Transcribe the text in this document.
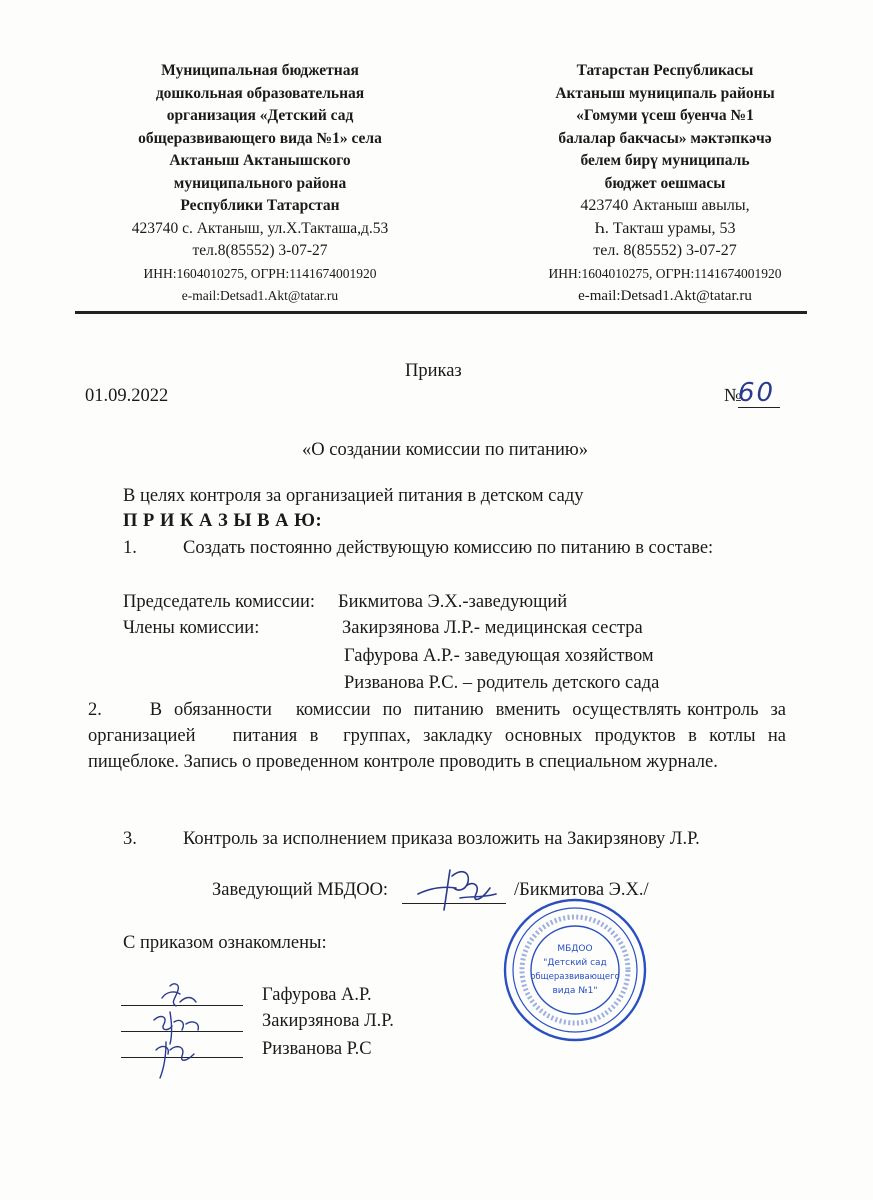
Муниципальная бюджетная
дошкольная образовательная
организация «Детский сад
общеразвивающего вида №1» села
Актаныш Актанышского
муниципального района
Республики Татарстан
423740 с. Актаныш, ул.Х.Такташа,д.53
тел.8(85552) 3-07-27
ИНН:1604010275, ОГРН:1141674001920
e-mail:Detsad1.Akt@tatar.ru
Татарстан Республикасы
Актаныш муниципаль районы
«Гомуми үсеш буенча №1
балалар бакчасы» мәктәпкәчә
белем бирү муниципаль
бюджет оешмасы
423740 Актаныш авылы,
Һ. Такташ урамы, 53
тел. 8(85552) 3-07-27
ИНН:1604010275, ОГРН:1141674001920
e-mail:Detsad1.Akt@tatar.ru
Приказ
01.09.2022	№
60
«О создании комиссии по питанию»
В целях контроля за организацией питания в детском саду
П Р И К А З Ы В А Ю:
1. Создать постоянно действующую комиссию по питанию в составе:
Председатель комиссии: Бикмитова Э.Х.-заведующий
Члены комиссии:	Закирзянова Л.Р.- медицинская сестра
Гафурова А.Р.- заведующая хозяйством
Ризванова Р.С. – родитель детского сада
2.        В  обязанности    комиссии  по  питанию  вменить  осуществлять контроль  за организацией   питания в  группах, закладку основных продуктов в котлы на пищеблоке. Запись о проведенном контроле проводить в специальном журнале.
3. Контроль за исполнением приказа возложить на Закирзянову Л.Р.
Заведующий МБДОО:	/Бикмитова Э.Х./
С приказом ознакомлены:
Гафурова А.Р.
Закирзянова Л.Р.
Ризванова Р.С
МБДОО
"Детский сад
общеразвивающего
вида №1"
